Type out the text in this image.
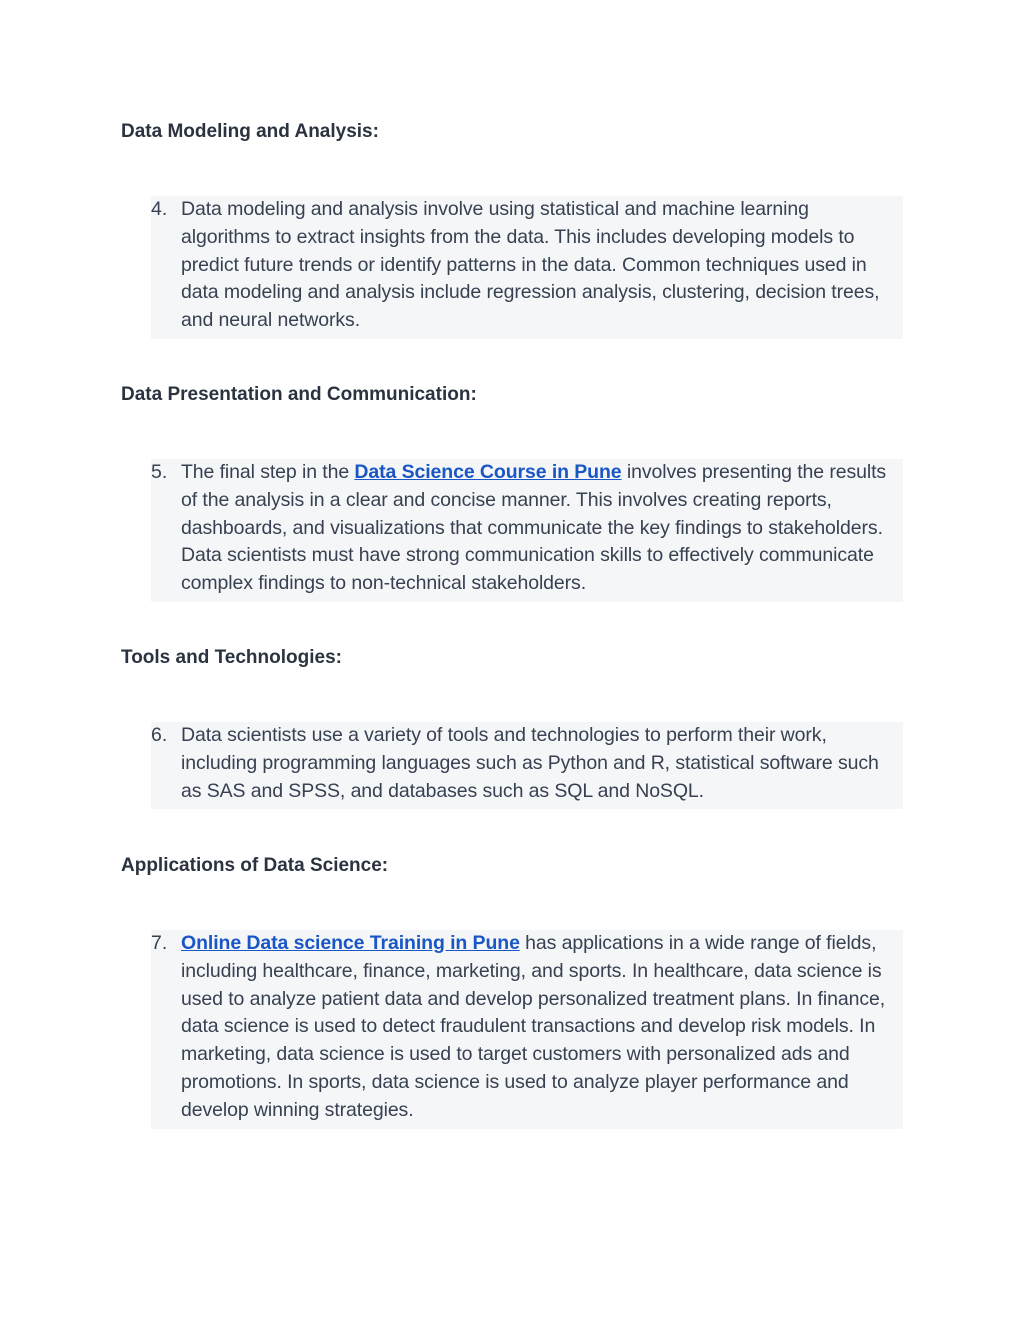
Data Modeling and Analysis:
4. Data modeling and analysis involve using statistical and machine learning algorithms to extract insights from the data. This includes developing models to predict future trends or identify patterns in the data. Common techniques used in data modeling and analysis include regression analysis, clustering, decision trees, and neural networks.

Data Presentation and Communication:
5. The final step in the Data Science Course in Pune involves presenting the results of the analysis in a clear and concise manner. This involves creating reports, dashboards, and visualizations that communicate the key findings to stakeholders. Data scientists must have strong communication skills to effectively communicate complex findings to non-technical stakeholders.

Tools and Technologies:
6. Data scientists use a variety of tools and technologies to perform their work, including programming languages such as Python and R, statistical software such as SAS and SPSS, and databases such as SQL and NoSQL.

Applications of Data Science:
7. Online Data science Training in Pune has applications in a wide range of fields, including healthcare, finance, marketing, and sports. In healthcare, data science is used to analyze patient data and develop personalized treatment plans. In finance, data science is used to detect fraudulent transactions and develop risk models. In marketing, data science is used to target customers with personalized ads and promotions. In sports, data science is used to analyze player performance and develop winning strategies.
